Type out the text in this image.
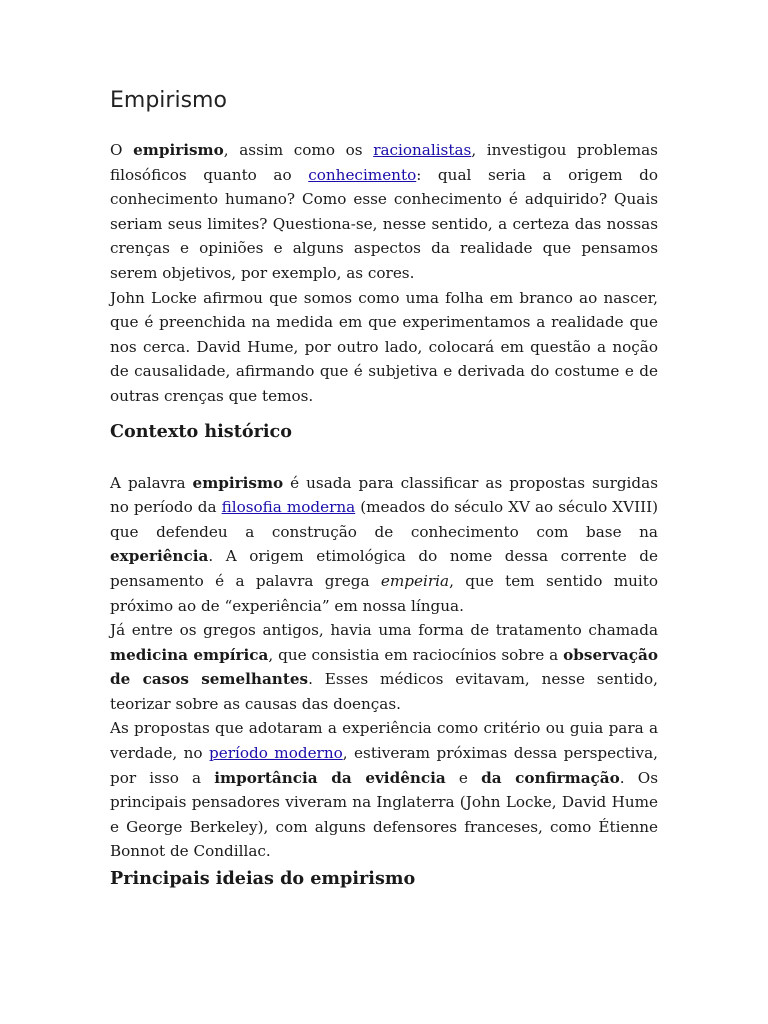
Empirismo

O empirismo, assim como os racionalistas, investigou problemas filosóficos quanto ao conhecimento: qual seria a origem do conhecimento humano? Como esse conhecimento é adquirido? Quais seriam seus limites? Questiona-se, nesse sentido, a certeza das nossas crenças e opiniões e alguns aspectos da realidade que pensamos serem objetivos, por exemplo, as cores.

John Locke afirmou que somos como uma folha em branco ao nascer, que é preenchida na medida em que experimentamos a realidade que nos cerca. David Hume, por outro lado, colocará em questão a noção de causalidade, afirmando que é subjetiva e derivada do costume e de outras crenças que temos.

Contexto histórico

A palavra empirismo é usada para classificar as propostas surgidas no período da filosofia moderna (meados do século XV ao século XVIII) que defendeu a construção de conhecimento com base na experiência. A origem etimológica do nome dessa corrente de pensamento é a palavra grega empeiria, que tem sentido muito próximo ao de “experiência” em nossa língua.

Já entre os gregos antigos, havia uma forma de tratamento chamada medicina empírica, que consistia em raciocínios sobre a observação de casos semelhantes. Esses médicos evitavam, nesse sentido, teorizar sobre as causas das doenças.

As propostas que adotaram a experiência como critério ou guia para a verdade, no período moderno, estiveram próximas dessa perspectiva, por isso a importância da evidência e da confirmação. Os principais pensadores viveram na Inglaterra (John Locke, David Hume e George Berkeley), com alguns defensores franceses, como Étienne Bonnot de Condillac.

Principais ideias do empirismo
